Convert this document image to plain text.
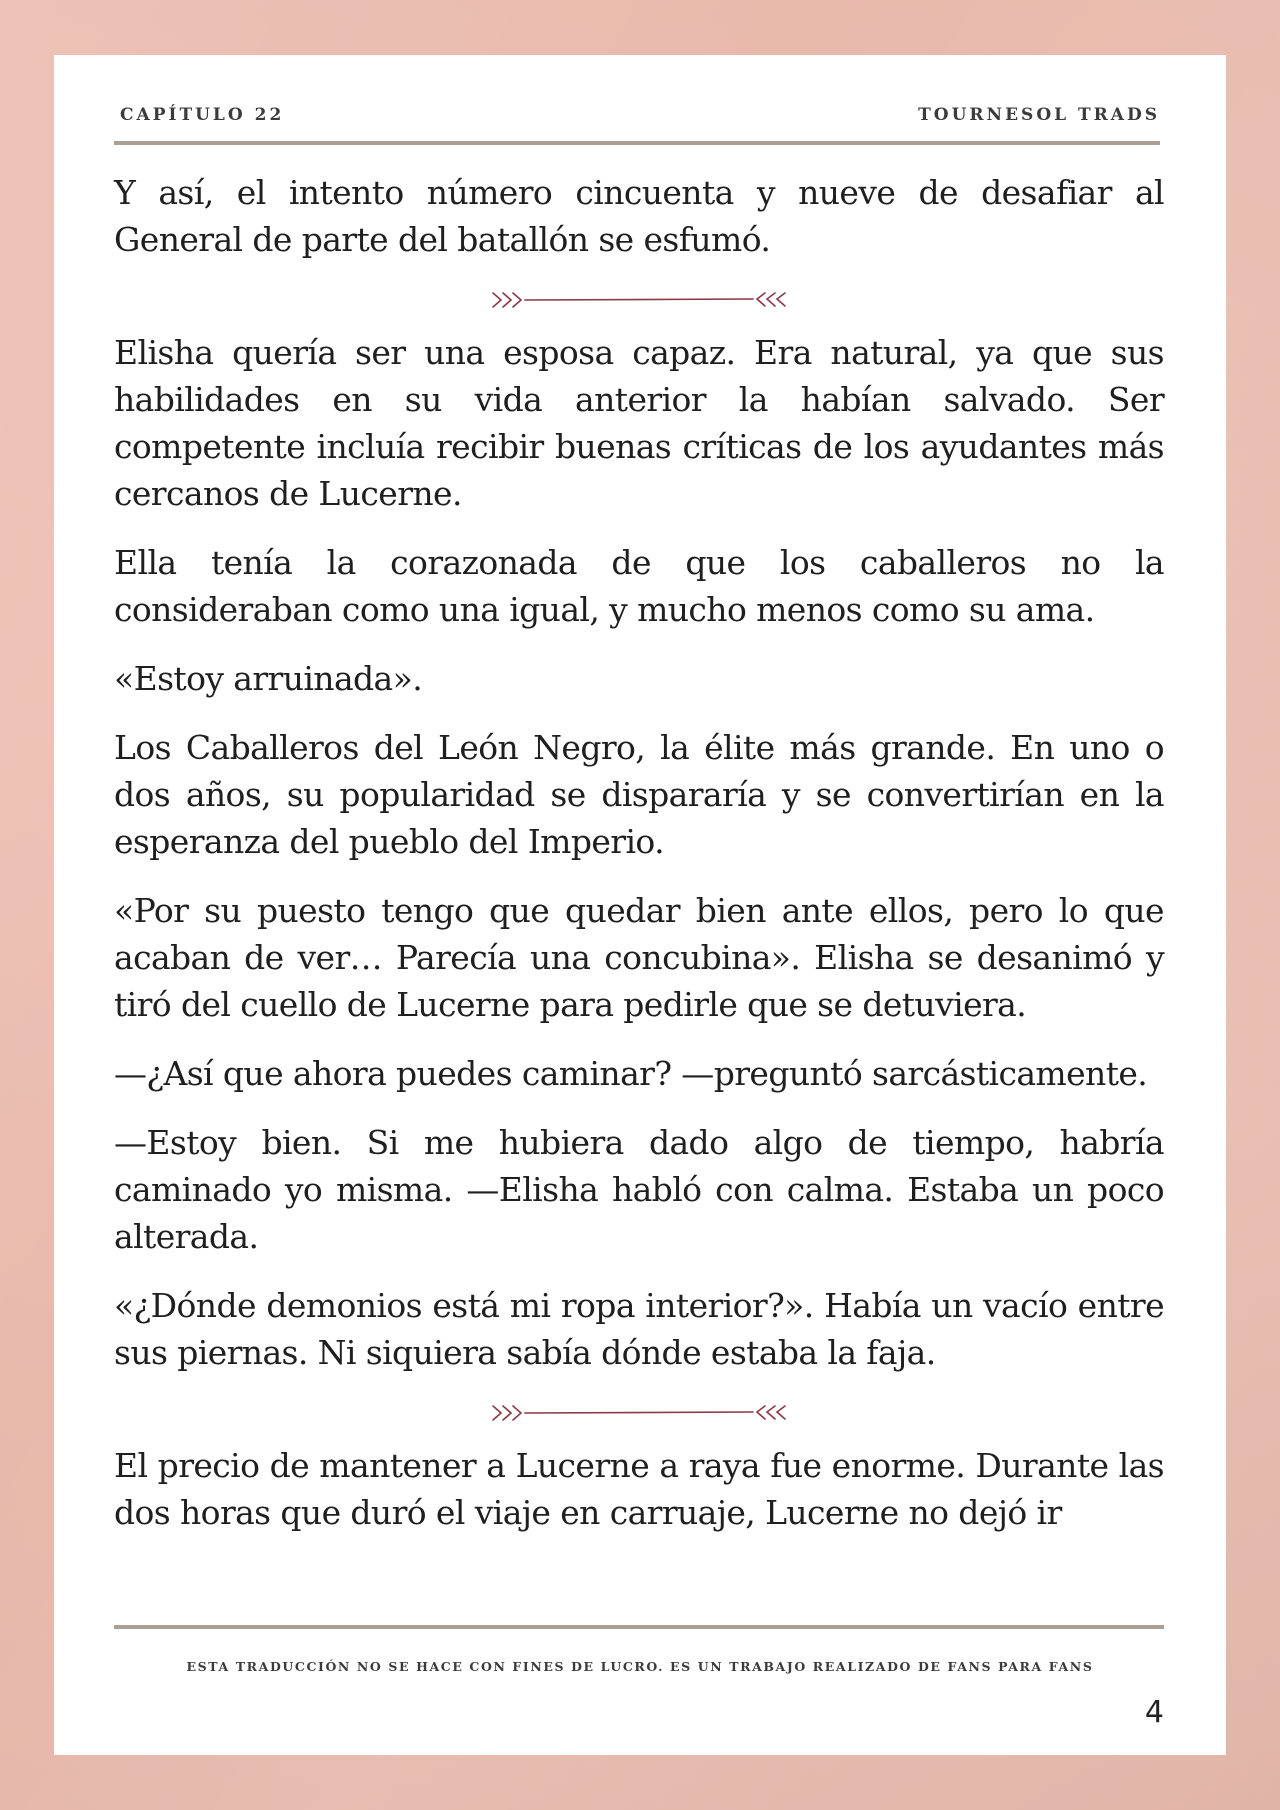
CAPÍTULO 22	TOURNESOL TRADS

Y así, el intento número cincuenta y nueve de desafiar al General de parte del batallón se esfumó.

Elisha quería ser una esposa capaz. Era natural, ya que sus habilidades en su vida anterior la habían salvado. Ser competente incluía recibir buenas críticas de los ayudantes más cercanos de Lucerne.

Ella tenía la corazonada de que los caballeros no la consideraban como una igual, y mucho menos como su ama.

«Estoy arruinada».

Los Caballeros del León Negro, la élite más grande. En uno o dos años, su popularidad se dispararía y se convertirían en la esperanza del pueblo del Imperio.

«Por su puesto tengo que quedar bien ante ellos, pero lo que acaban de ver… Parecía una concubina». Elisha se desanimó y tiró del cuello de Lucerne para pedirle que se detuviera.

—¿Así que ahora puedes caminar? —preguntó sarcásticamente.

—Estoy bien. Si me hubiera dado algo de tiempo, habría caminado yo misma. —Elisha habló con calma. Estaba un poco alterada.

«¿Dónde demonios está mi ropa interior?». Había un vacío entre sus piernas. Ni siquiera sabía dónde estaba la faja.

El precio de mantener a Lucerne a raya fue enorme. Durante las dos horas que duró el viaje en carruaje, Lucerne no dejó ir

ESTA TRADUCCIÓN NO SE HACE CON FINES DE LUCRO. ES UN TRABAJO REALIZADO DE FANS PARA FANS
4
